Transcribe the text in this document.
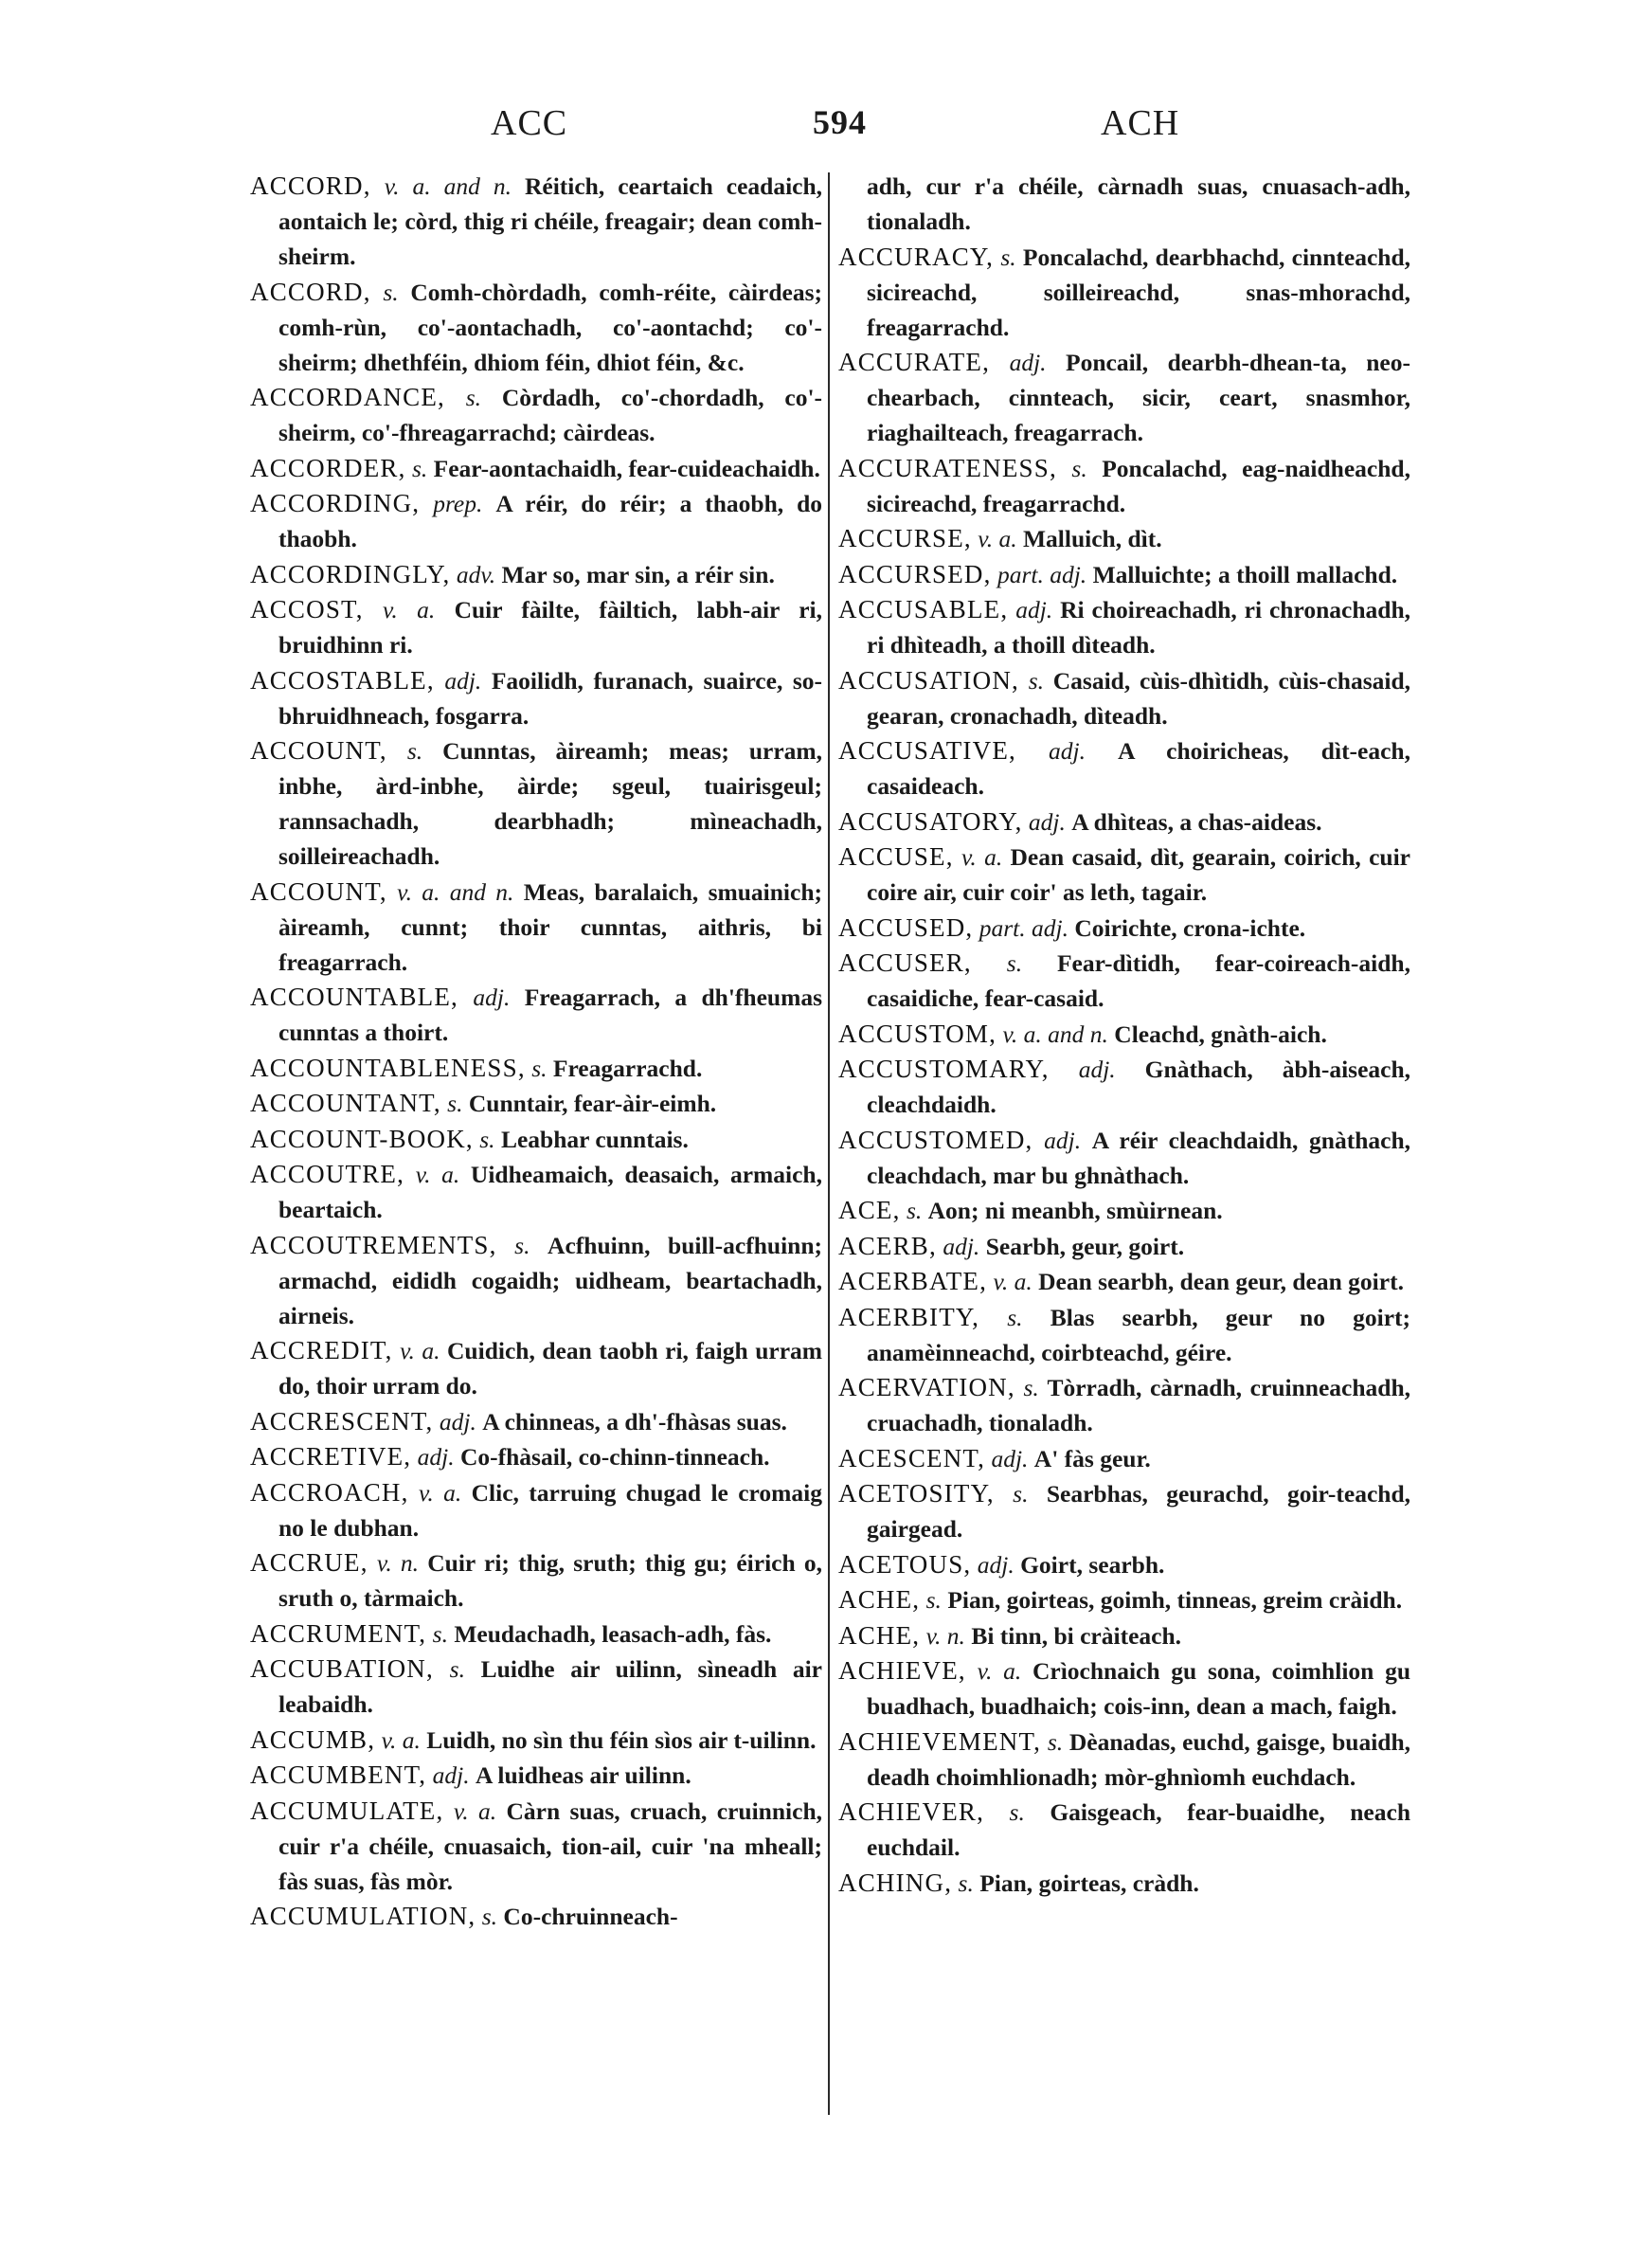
ACC	594	ACH

ACCORD, v. a. and n. Réitich, ceartaich ceadaich, aontaich le; còrd, thig ri chéile, freagair; dean comh-sheirm.

ACCORD, s. Comh-chòrdadh, comh-réite, càirdeas; comh-rùn, co'-aontachadh, co'-aontachd; co'-sheirm; dhethféin, dhiom féin, dhiot féin, &c.

ACCORDANCE, s. Còrdadh, co'-chordadh, co'-sheirm, co'-fhreagarrachd; càirdeas.

ACCORDER, s. Fear-aontachaidh, fear-cuideachaidh.

ACCORDING, prep. A réir, do réir; a thaobh, do thaobh.

ACCORDINGLY, adv. Mar so, mar sin, a réir sin.

ACCOST, v. a. Cuir fàilte, fàiltich, labh-air ri, bruidhinn ri.

ACCOSTABLE, adj. Faoilidh, furanach, suairce, so-bhruidhneach, fosgarra.

ACCOUNT, s. Cunntas, àireamh; meas; urram, inbhe, àrd-inbhe, àirde; sgeul, tuairisgeul; rannsachadh, dearbhadh; mìneachadh, soilleireachadh.

ACCOUNT, v. a. and n. Meas, baralaich, smuainich; àireamh, cunnt; thoir cunntas, aithris, bi freagarrach.

ACCOUNTABLE, adj. Freagarrach, a dh'fheumas cunntas a thoirt.

ACCOUNTABLENESS, s. Freagarrachd.

ACCOUNTANT, s. Cunntair, fear-àir-eimh.

ACCOUNT-BOOK, s. Leabhar cunntais.

ACCOUTRE, v. a. Uidheamaich, deasaich, armaich, beartaich.

ACCOUTREMENTS, s. Acfhuinn, buill-acfhuinn; armachd, eididh cogaidh; uidheam, beartachadh, airneis.

ACCREDIT, v. a. Cuidich, dean taobh ri, faigh urram do, thoir urram do.

ACCRESCENT, adj. A chinneas, a dh'-fhàsas suas.

ACCRETIVE, adj. Co-fhàsail, co-chinn-tinneach.

ACCROACH, v. a. Clic, tarruing chugad le cromaig no le dubhan.

ACCRUE, v. n. Cuir ri; thig, sruth; thig gu; éirich o, sruth o, tàrmaich.

ACCRUMENT, s. Meudachadh, leasach-adh, fàs.

ACCUBATION, s. Luidhe air uilinn, sìneadh air leabaidh.

ACCUMB, v. a. Luidh, no sìn thu féin sìos air t-uilinn.

ACCUMBENT, adj. A luidheas air uilinn.

ACCUMULATE, v. a. Càrn suas, cruach, cruinnich, cuir r'a chéile, cnuasaich, tion-ail, cuir 'na mheall; fàs suas, fàs mòr.

ACCUMULATION, s. Co-chruinneach-

adh, cur r'a chéile, càrnadh suas, cnuasach-adh, tionaladh.

ACCURACY, s. Poncalachd, dearbhachd, cinnteachd, sicireachd, soilleireachd, snas-mhorachd, freagarrachd.

ACCURATE, adj. Poncail, dearbh-dhean-ta, neo-chearbach, cinnteach, sicir, ceart, snasmhor, riaghailteach, freagarrach.

ACCURATENESS, s. Poncalachd, eag-naidheachd, sicireachd, freagarrachd.

ACCURSE, v. a. Malluich, dìt.

ACCURSED, part. adj. Malluichte; a thoill mallachd.

ACCUSABLE, adj. Ri choireachadh, ri chronachadh, ri dhìteadh, a thoill dìteadh.

ACCUSATION, s. Casaid, cùis-dhìtidh, cùis-chasaid, gearan, cronachadh, dìteadh.

ACCUSATIVE, adj. A choiricheas, dìt-each, casaideach.

ACCUSATORY, adj. A dhìteas, a chas-aideas.

ACCUSE, v. a. Dean casaid, dìt, gearain, coirich, cuir coire air, cuir coir' as leth, tagair.

ACCUSED, part. adj. Coirichte, crona-ichte.

ACCUSER, s. Fear-dìtidh, fear-coireach-aidh, casaidiche, fear-casaid.

ACCUSTOM, v. a. and n. Cleachd, gnàth-aich.

ACCUSTOMARY, adj. Gnàthach, àbh-aiseach, cleachdaidh.

ACCUSTOMED, adj. A réir cleachdaidh, gnàthach, cleachdach, mar bu ghnàthach.

ACE, s. Aon; ni meanbh, smùirnean.

ACERB, adj. Searbh, geur, goirt.

ACERBATE, v. a. Dean searbh, dean geur, dean goirt.

ACERBITY, s. Blas searbh, geur no goirt; anamèinneachd, coirbteachd, géire.

ACERVATION, s. Tòrradh, càrnadh, cruinneachadh, cruachadh, tionaladh.

ACESCENT, adj. A' fàs geur.

ACETOSITY, s. Searbhas, geurachd, goir-teachd, gairgead.

ACETOUS, adj. Goirt, searbh.

ACHE, s. Pian, goirteas, goimh, tinneas, greim cràidh.

ACHE, v. n. Bi tinn, bi cràiteach.

ACHIEVE, v. a. Crìochnaich gu sona, coimhlion gu buadhach, buadhaich; cois-inn, dean a mach, faigh.

ACHIEVEMENT, s. Dèanadas, euchd, gaisge, buaidh, deadh choimhlionadh; mòr-ghnìomh euchdach.

ACHIEVER, s. Gaisgeach, fear-buaidhe, neach euchdail.

ACHING, s. Pian, goirteas, cràdh.
